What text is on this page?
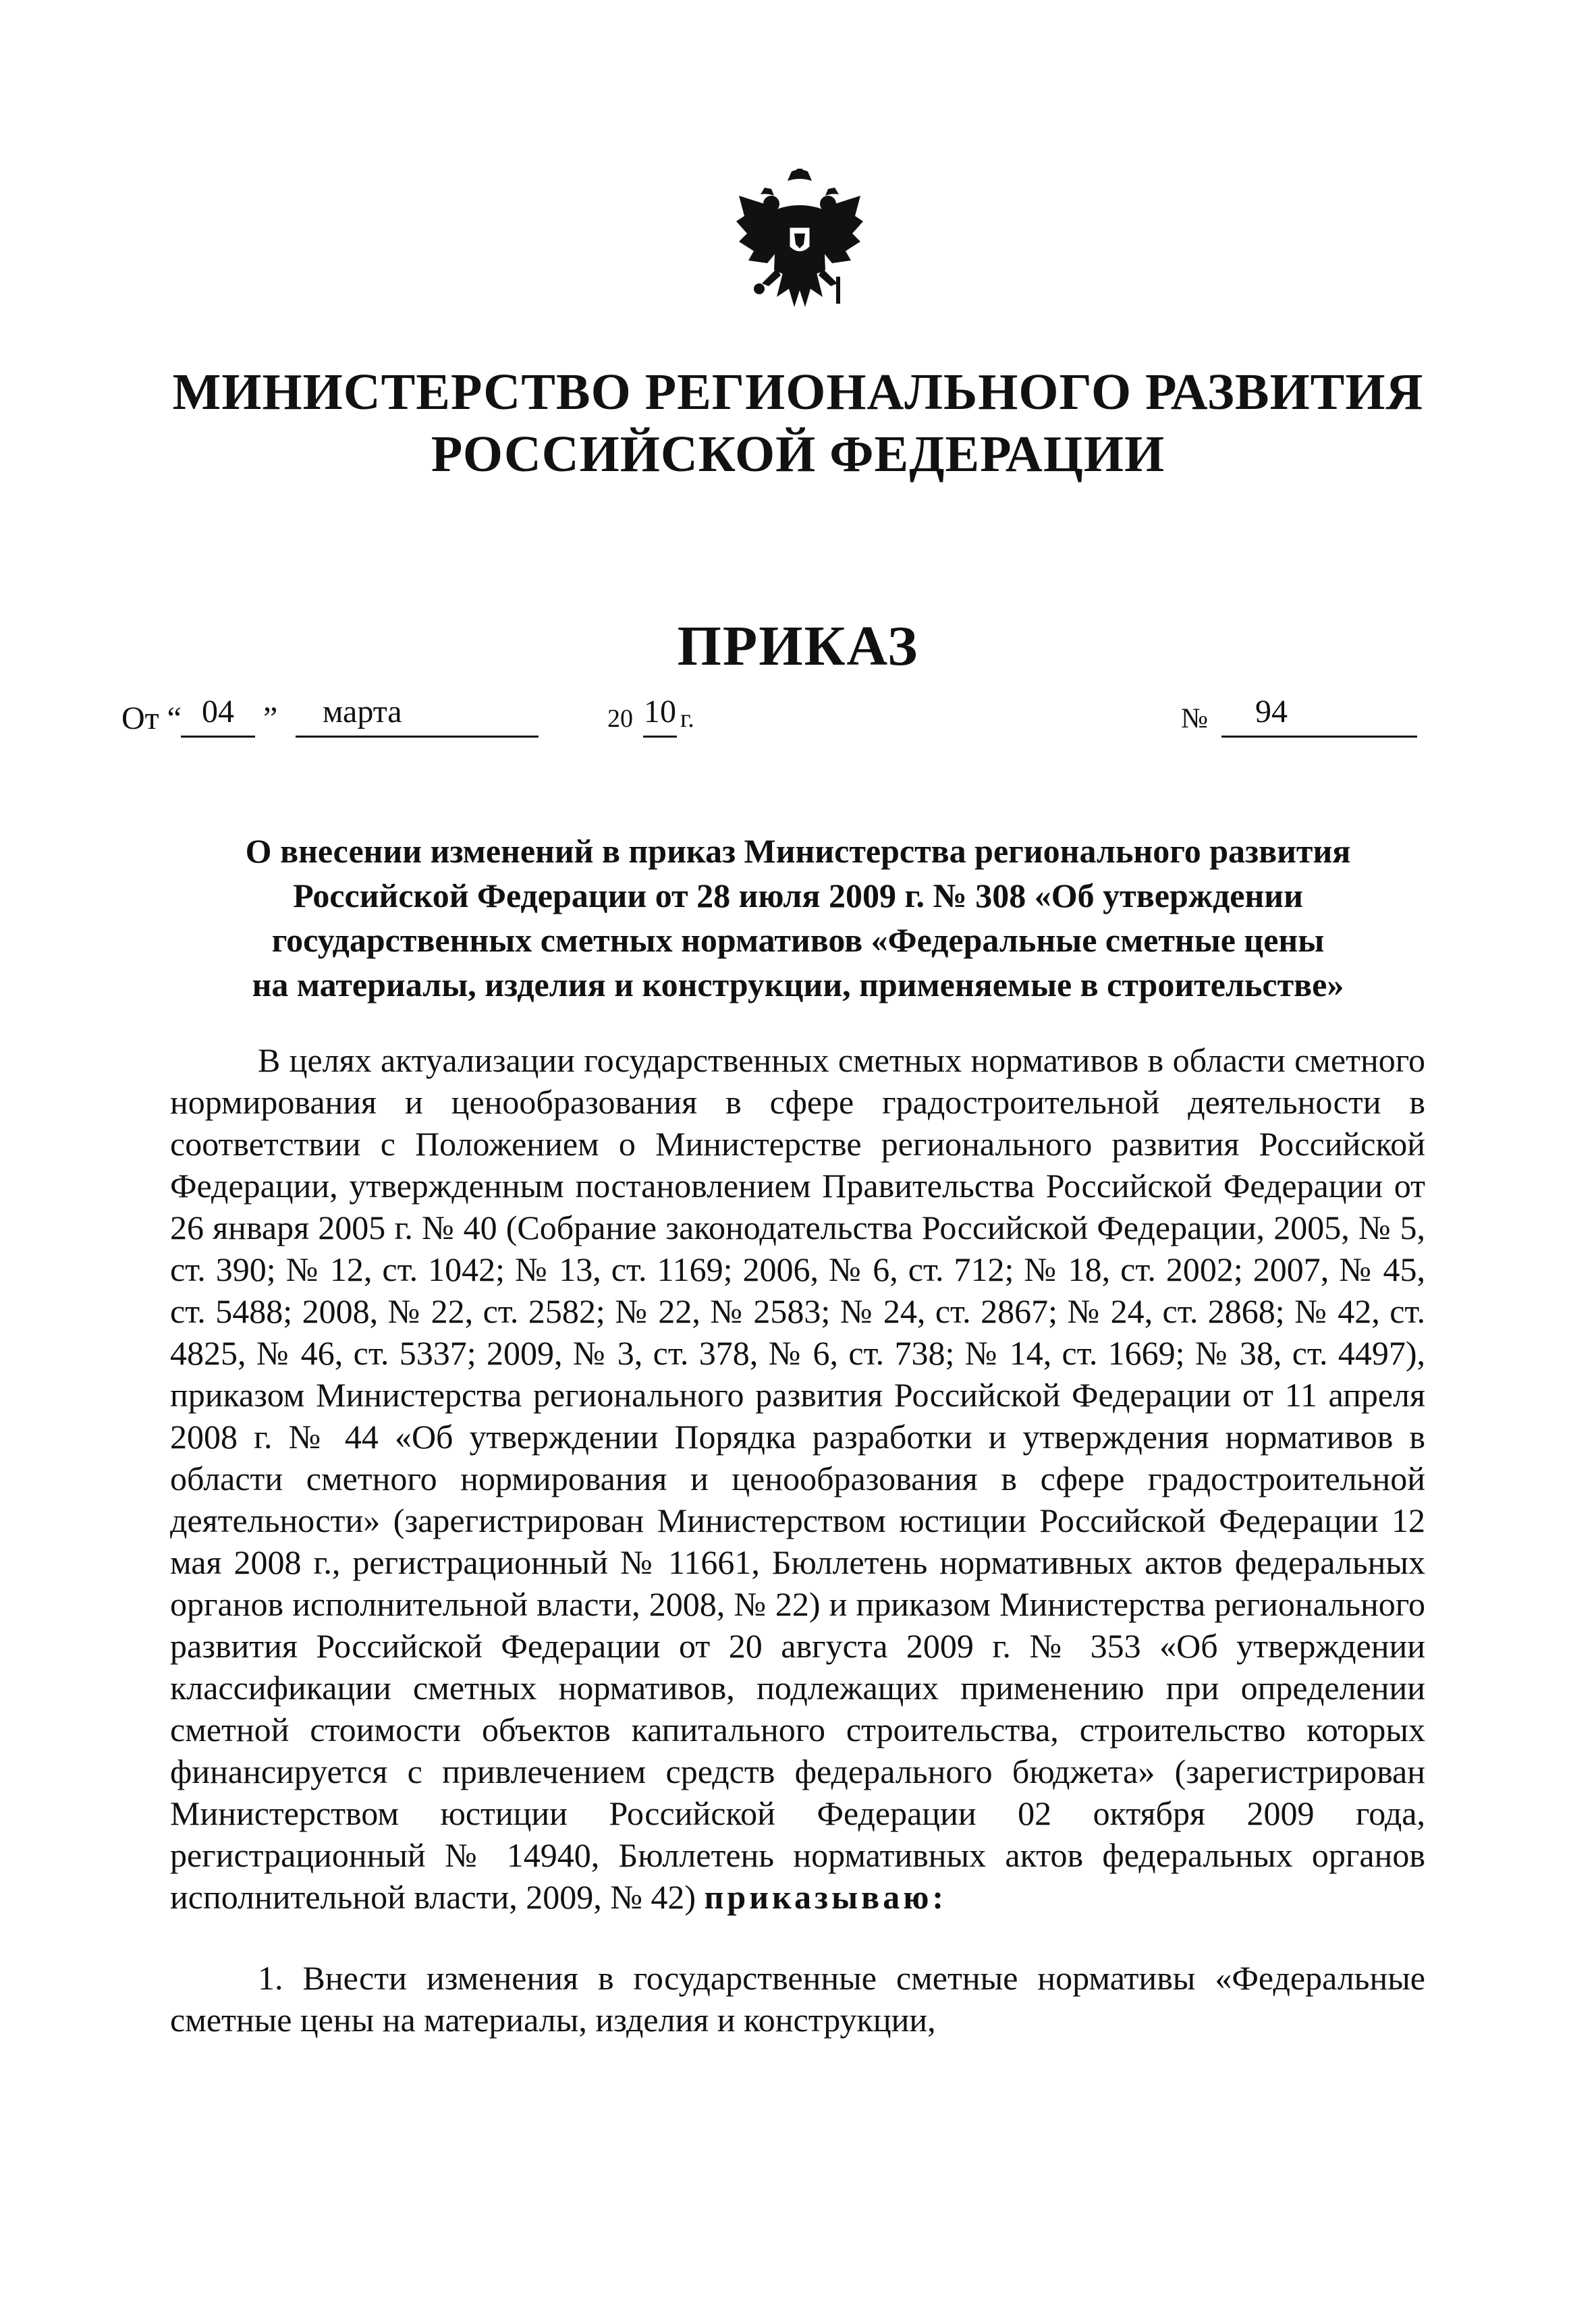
МИНИСТЕРСТВО РЕГИОНАЛЬНОГО РАЗВИТИЯ
РОССИЙСКОЙ ФЕДЕРАЦИИ
ПРИКАЗ
От “ 04 ”	марта	20 10 г.	№	94
О внесении изменений в приказ Министерства регионального развития
Российской Федерации от 28 июля 2009 г. № 308 «Об утверждении
государственных сметных нормативов «Федеральные сметные цены
на материалы, изделия и конструкции, применяемые в строительстве»

В целях актуализации государственных сметных нормативов в области сметного нормирования и ценообразования в сфере градостроительной деятельности в соответствии с Положением о Министерстве регионального развития Российской Федерации, утвержденным постановлением Правительства Российской Федерации от 26 января 2005 г. № 40 (Собрание законодательства Российской Федерации, 2005, № 5, ст. 390; № 12, ст. 1042; № 13, ст. 1169; 2006, № 6, ст. 712; № 18, ст. 2002; 2007, № 45, ст. 5488; 2008, № 22, ст. 2582; № 22, № 2583; № 24, ст. 2867; № 24, ст. 2868; № 42, ст. 4825, № 46, ст. 5337; 2009, № 3, ст. 378, № 6, ст. 738; № 14, ст. 1669; № 38, ст. 4497), приказом Министерства регионального развития Российской Федерации от 11 апреля 2008 г. № 44 «Об утверждении Порядка разработки и утверждения нормативов в области сметного нормирования и ценообразования в сфере градостроительной деятельности» (зарегистрирован Министерством юстиции Российской Федерации 12 мая 2008 г., регистрационный № 11661, Бюллетень нормативных актов федеральных органов исполнительной власти, 2008, № 22) и приказом Министерства регионального развития Российской Федерации от 20 августа 2009 г. № 353 «Об утверждении классификации сметных нормативов, подлежащих применению при определении сметной стоимости объектов капитального строительства, строительство которых финансируется с привлечением средств федерального бюджета» (зарегистрирован Министерством юстиции Российской Федерации 02 октября 2009 года, регистрационный № 14940, Бюллетень нормативных актов федеральных органов исполнительной власти, 2009, № 42) приказываю:

1. Внести изменения в государственные сметные нормативы «Федеральные сметные цены на материалы, изделия и конструкции,
